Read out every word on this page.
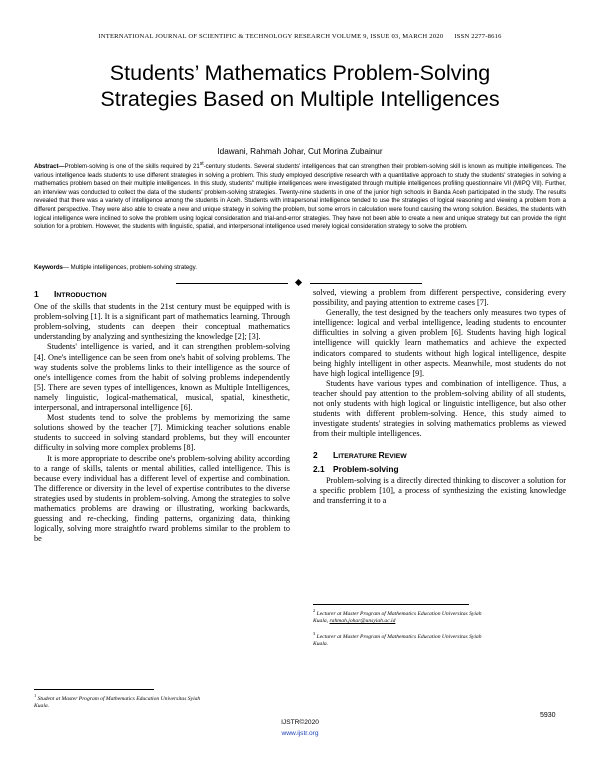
INTERNATIONAL JOURNAL OF SCIENTIFIC & TECHNOLOGY RESEARCH VOLUME 9, ISSUE 03, MARCH 2020 ISSN 2277-8616
Students’ Mathematics Problem-Solving
Strategies Based on Multiple Intelligences
Idawani, Rahmah Johar, Cut Morina Zubainur

Abstract—Problem-solving is one of the skills required by 21st-century students. Several students' intelligences that can strengthen their problem-solving skill is known as multiple intelligences. The various intelligence leads students to use different strategies in solving a problem. This study employed descriptive research with a quantitative approach to study the students' strategies in solving a mathematics problem based on their multiple intelligences. In this study, students" multiple intelligences were investigated through multiple intelligences profiling questionnaire VII (MIPQ VII). Further, an interview was conducted to collect the data of the students' problem-solving strategies. Twenty-nine students in one of the junior high schools in Banda Aceh participated in the study. The results revealed that there was a variety of intelligence among the students in Aceh. Students with intrapersonal intelligence tended to use the strategies of logical reasoning and viewing a problem from a different perspective. They were also able to create a new and unique strategy in solving the problem, but some errors in calculation were found causing the wrong solution. Besides, the students with logical intelligence were inclined to solve the problem using logical consideration and trial-and-error strategies. They have not been able to create a new and unique strategy but can provide the right solution for a problem. However, the students with linguistic, spatial, and interpersonal intelligence used merely logical consideration strategy to solve the problem.

Keywords— Multiple intelligences, problem-solving strategy.

1 INTRODUCTION

One of the skills that students in the 21st century must be equipped with is problem-solving [1]. It is a significant part of mathematics learning. Through problem-solving, students can deepen their conceptual mathematics understanding by analyzing and synthesizing the knowledge [2]; [3].

Students' intelligence is varied, and it can strengthen problem-solving [4]. One's intelligence can be seen from one's habit of solving problems. The way students solve the problems links to their intelligence as the source of one's intelligence comes from the habit of solving problems independently [5]. There are seven types of intelligences, known as Multiple Intelligences, namely linguistic, logical-mathematical, musical, spatial, kinesthetic, interpersonal, and intrapersonal intelligence [6].

Most students tend to solve the problems by memorizing the same solutions showed by the teacher [7]. Mimicking teacher solutions enable students to succeed in solving standard problems, but they will encounter difficulty in solving more complex problems [8].

It is more appropriate to describe one's problem-solving ability according to a range of skills, talents or mental abilities, called intelligence. This is because every individual has a different level of expertise and combination. The difference or diversity in the level of expertise contributes to the diverse strategies used by students in problem-solving. Among the strategies to solve mathematics problems are drawing or illustrating, working backwards, guessing and re-checking, finding patterns, organizing data, thinking logically, solving more straightfo rward problems similar to the problem to be

$^1$ Student at Master Program of Mathematics Education Universitas Syiah
Kuala.

solved, viewing a problem from different perspective, considering every possibility, and paying attention to extreme cases [7].

Generally, the test designed by the teachers only measures two types of intelligence: logical and verbal intelligence, leading students to encounter difficulties in solving a given problem [6]. Students having high logical intelligence will quickly learn mathematics and achieve the expected indicators compared to students without high logical intelligence, despite being highly intelligent in other aspects. Meanwhile, most students do not have high logical intelligence [9].

Students have various types and combination of intelligence. Thus, a teacher should pay attention to the problem-solving ability of all students, not only students with high logical or linguistic intelligence, but also other students with different problem-solving. Hence, this study aimed to investigate students' strategies in solving mathematics problems as viewed from their multiple intelligences.

2 LITERATURE REVIEW
2.1 Problem-solving

Problem-solving is a directly directed thinking to discover a solution for a specific problem [10], a process of synthesizing the existing knowledge and transferring it to a

$^2$ Lecturer at Master Program of Mathematics Education Universitas Syiah
Kuala, rahmah.johar@unsyiah.ac.id
$^3$ Lecturer at Master Program of Mathematics Education Universitas Syiah
Kuala.
5930
IJSTR©2020
www.ijstr.org
